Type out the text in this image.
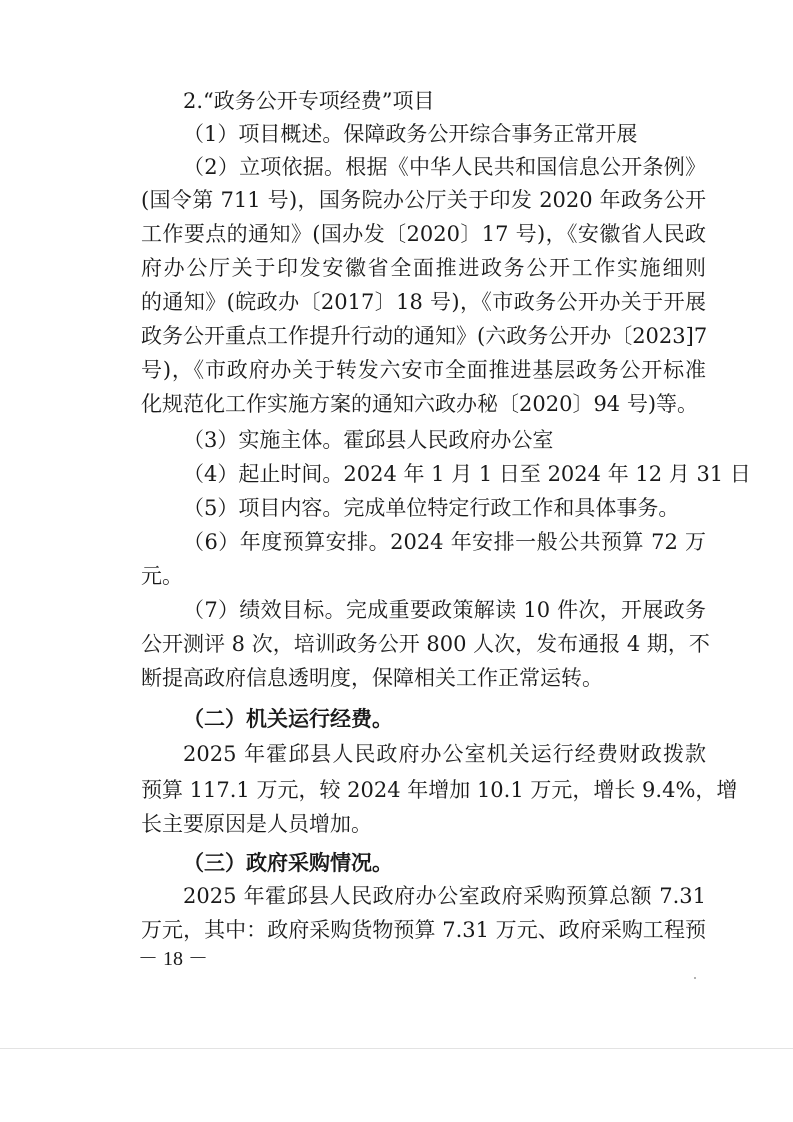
2.“政务公开专项经费”项目
（1）项目概述。保障政务公开综合事务正常开展
（2）立项依据。根据《中华人民共和国信息公开条例》
(国令第 711 号)，国务院办公厅关于印发 2020 年政务公开
工作要点的通知》(国办发〔2020〕17 号)，《安徽省人民政
府办公厅关于印发安徽省全面推进政务公开工作实施细则
的通知》(皖政办〔2017〕18 号)，《市政务公开办关于开展
政务公开重点工作提升行动的通知》(六政务公开办〔2023]7
号)，《市政府办关于转发六安市全面推进基层政务公开标准
化规范化工作实施方案的通知六政办秘〔2020〕94 号)等。
（3）实施主体。霍邱县人民政府办公室
（4）起止时间。2024 年 1 月 1 日至 2024 年 12 月 31 日
（5）项目内容。完成单位特定行政工作和具体事务。
（6）年度预算安排。2024 年安排一般公共预算 72 万
元。
（7）绩效目标。完成重要政策解读 10 件次，开展政务
公开测评 8 次，培训政务公开 800 人次，发布通报 4 期，不
断提高政府信息透明度，保障相关工作正常运转。
（二）机关运行经费。
2025 年霍邱县人民政府办公室机关运行经费财政拨款
预算 117.1 万元，较 2024 年增加 10.1 万元，增长 9.4%，增
长主要原因是人员增加。
（三）政府采购情况。
2025 年霍邱县人民政府办公室政府采购预算总额 7.31
万元，其中：政府采购货物预算 7.31 万元、政府采购工程预
－ 18 －
